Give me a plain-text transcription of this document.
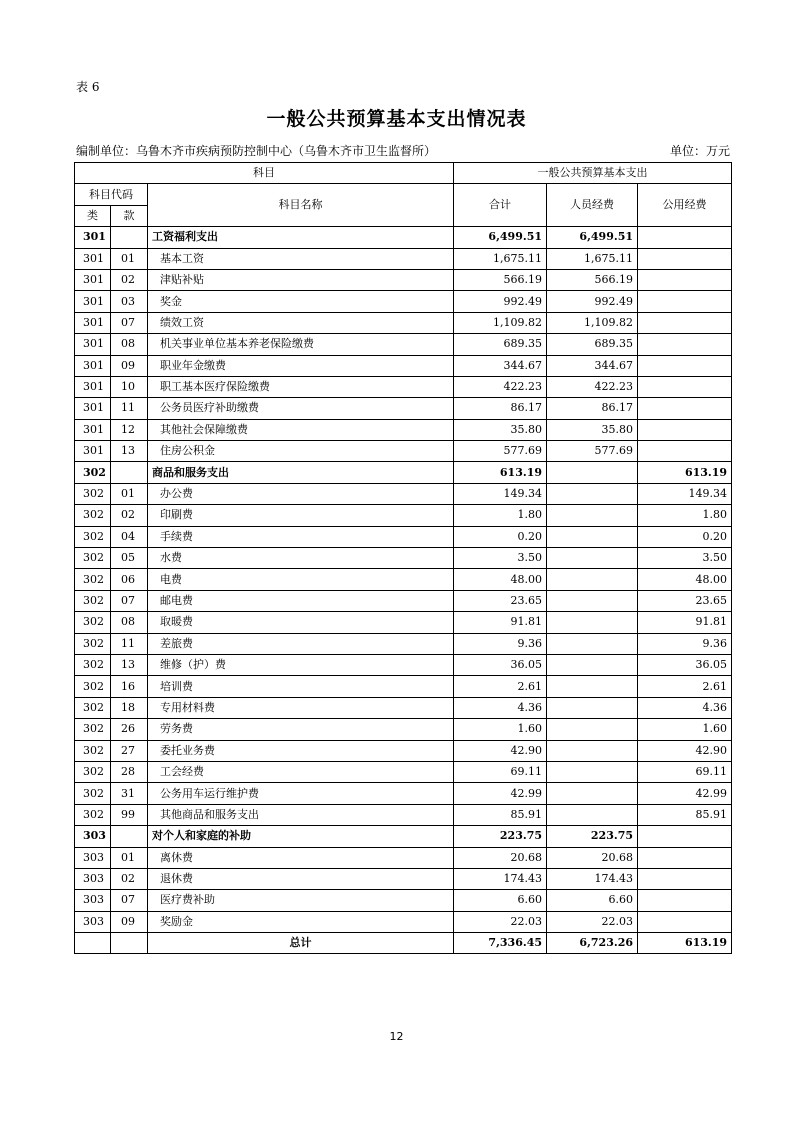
表 6
一般公共预算基本支出情况表
编制单位：乌鲁木齐市疾病预防控制中心（乌鲁木齐市卫生监督所）	单位：万元
科目			一般公共预算基本支出		
科目代码		科目名称	合计	人员经费	公用经费
类	款				
301		工资福利支出	6,499.51	6,499.51	
301	01	基本工资	1,675.11	1,675.11	
301	02	津贴补贴	566.19	566.19	
301	03	奖金	992.49	992.49	
301	07	绩效工资	1,109.82	1,109.82	
301	08	机关事业单位基本养老保险缴费	689.35	689.35	
301	09	职业年金缴费	344.67	344.67	
301	10	职工基本医疗保险缴费	422.23	422.23	
301	11	公务员医疗补助缴费	86.17	86.17	
301	12	其他社会保障缴费	35.80	35.80	
301	13	住房公积金	577.69	577.69	
302		商品和服务支出	613.19		613.19
302	01	办公费	149.34		149.34
302	02	印刷费	1.80		1.80
302	04	手续费	0.20		0.20
302	05	水费	3.50		3.50
302	06	电费	48.00		48.00
302	07	邮电费	23.65		23.65
302	08	取暖费	91.81		91.81
302	11	差旅费	9.36		9.36
302	13	维修（护）费	36.05		36.05
302	16	培训费	2.61		2.61
302	18	专用材料费	4.36		4.36
302	26	劳务费	1.60		1.60
302	27	委托业务费	42.90		42.90
302	28	工会经费	69.11		69.11
302	31	公务用车运行维护费	42.99		42.99
302	99	其他商品和服务支出	85.91		85.91
303		对个人和家庭的补助	223.75	223.75	
303	01	离休费	20.68	20.68	
303	02	退休费	174.43	174.43	
303	07	医疗费补助	6.60	6.60	
303	09	奖励金	22.03	22.03	
		总计	7,336.45	6,723.26	613.19
12
